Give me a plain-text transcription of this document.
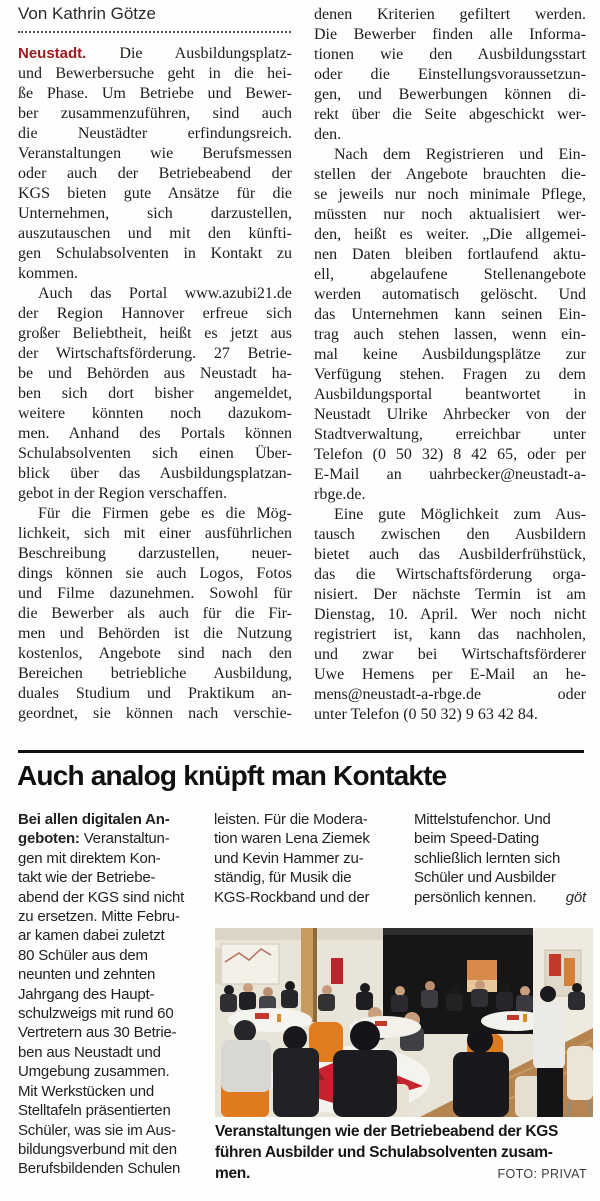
Von Kathrin Götze
Neustadt. Die Ausbildungsplatz-
und Bewerbersuche geht in die hei-
ße Phase. Um Betriebe und Bewer-
ber zusammenzuführen, sind auch
die Neustädter erfindungsreich.
Veranstaltungen wie Berufsmessen
oder auch der Betriebeabend der
KGS bieten gute Ansätze für die
Unternehmen, sich darzustellen,
auszutauschen und mit den künfti-
gen Schulabsolventen in Kontakt zu
kommen.
Auch das Portal www.azubi21.de
der Region Hannover erfreue sich
großer Beliebtheit, heißt es jetzt aus
der Wirtschaftsförderung. 27 Betrie-
be und Behörden aus Neustadt ha-
ben sich dort bisher angemeldet,
weitere könnten noch dazukom-
men. Anhand des Portals können
Schulabsolventen sich einen Über-
blick über das Ausbildungsplatzan-
gebot in der Region verschaffen.
Für die Firmen gebe es die Mög-
lichkeit, sich mit einer ausführlichen
Beschreibung darzustellen, neuer-
dings können sie auch Logos, Fotos
und Filme dazunehmen. Sowohl für
die Bewerber als auch für die Fir-
men und Behörden ist die Nutzung
kostenlos, Angebote sind nach den
Bereichen betriebliche Ausbildung,
duales Studium und Praktikum an-
geordnet, sie können nach verschie-
denen Kriterien gefiltert werden.
Die Bewerber finden alle Informa-
tionen wie den Ausbildungsstart
oder die Einstellungsvoraussetzun-
gen, und Bewerbungen können di-
rekt über die Seite abgeschickt wer-
den.
Nach dem Registrieren und Ein-
stellen der Angebote brauchten die-
se jeweils nur noch minimale Pflege,
müssten nur noch aktualisiert wer-
den, heißt es weiter. „Die allgemei-
nen Daten bleiben fortlaufend aktu-
ell, abgelaufene Stellenangebote
werden automatisch gelöscht. Und
das Unternehmen kann seinen Ein-
trag auch stehen lassen, wenn ein-
mal keine Ausbildungsplätze zur
Verfügung stehen. Fragen zu dem
Ausbildungsportal beantwortet in
Neustadt Ulrike Ahrbecker von der
Stadtverwaltung, erreichbar unter
Telefon (0 50 32) 8 42 65, oder per
E-Mail an uahrbecker@neustadt-a-
rbge.de.
Eine gute Möglichkeit zum Aus-
tausch zwischen den Ausbildern
bietet auch das Ausbilderfrühstück,
das die Wirtschaftsförderung orga-
nisiert. Der nächste Termin ist am
Dienstag, 10. April. Wer noch nicht
registriert ist, kann das nachholen,
und zwar bei Wirtschaftsförderer
Uwe Hemens per E-Mail an he-
mens@neustadt-a-rbge.de oder
unter Telefon (0 50 32) 9 63 42 84.
Auch analog knüpft man Kontakte
Bei allen digitalen An-
geboten: Veranstaltun-
gen mit direktem Kon-
takt wie der Betriebe-
abend der KGS sind nicht
zu ersetzen. Mitte Febru-
ar kamen dabei zuletzt
80 Schüler aus dem
neunten und zehnten
Jahrgang des Haupt-
schulzweigs mit rund 60
Vertretern aus 30 Betrie-
ben aus Neustadt und
Umgebung zusammen.
Mit Werkstücken und
Stelltafeln präsentierten
Schüler, was sie im Aus-
bildungsverbund mit den
Berufsbildenden Schulen
leisten. Für die Modera-
tion waren Lena Ziemek
und Kevin Hammer zu-
ständig, für Musik die
KGS-Rockband und der
Mittelstufenchor. Und
beim Speed-Dating
schließlich lernten sich
Schüler und Ausbilder
persönlich kennen. göt
Veranstaltungen wie der Betriebeabend der KGS
führen Ausbilder und Schulabsolventen zusam-
men.	FOTO: PRIVAT
